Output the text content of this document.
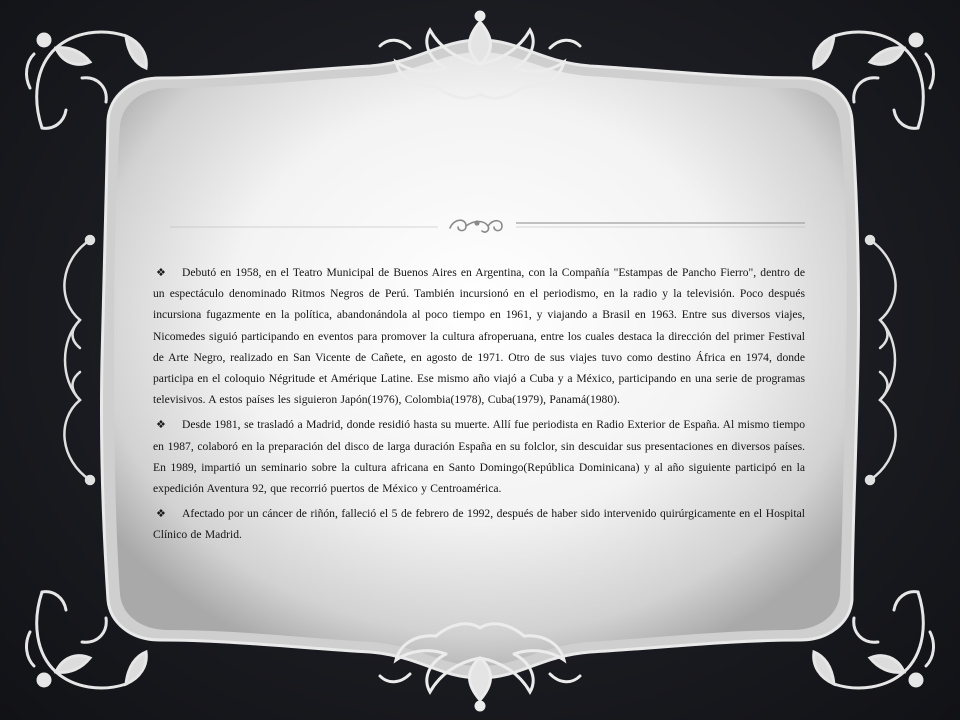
❖ Debutó en 1958, en el Teatro Municipal de Buenos Aires en Argentina, con la Compañía "Estampas de Pancho Fierro", dentro de un espectáculo denominado Ritmos Negros de Perú. También incursionó en el periodismo, en la radio y la televisión. Poco después incursiona fugazmente en la política, abandonándola al poco tiempo en 1961, y viajando a Brasil en 1963. Entre sus diversos viajes, Nicomedes siguió participando en eventos para promover la cultura afroperuana, entre los cuales destaca la dirección del primer Festival de Arte Negro, realizado en San Vicente de Cañete, en agosto de 1971. Otro de sus viajes tuvo como destino África en 1974, donde participa en el coloquio Négritude et Amérique Latine. Ese mismo año viajó a Cuba y a México, participando en una serie de programas televisivos. A estos países les siguieron Japón(1976), Colombia(1978), Cuba(1979), Panamá(1980).

❖ Desde 1981, se trasladó a Madrid, donde residió hasta su muerte. Allí fue periodista en Radio Exterior de España. Al mismo tiempo en 1987, colaboró en la preparación del disco de larga duración España en su folclor, sin descuidar sus presentaciones en diversos países. En 1989, impartió un seminario sobre la cultura africana en Santo Domingo(República Dominicana) y al año siguiente participó en la expedición Aventura 92, que recorrió puertos de México y Centroamérica.

❖ Afectado por un cáncer de riñón, falleció el 5 de febrero de 1992, después de haber sido intervenido quirúrgicamente en el Hospital Clínico de Madrid.
